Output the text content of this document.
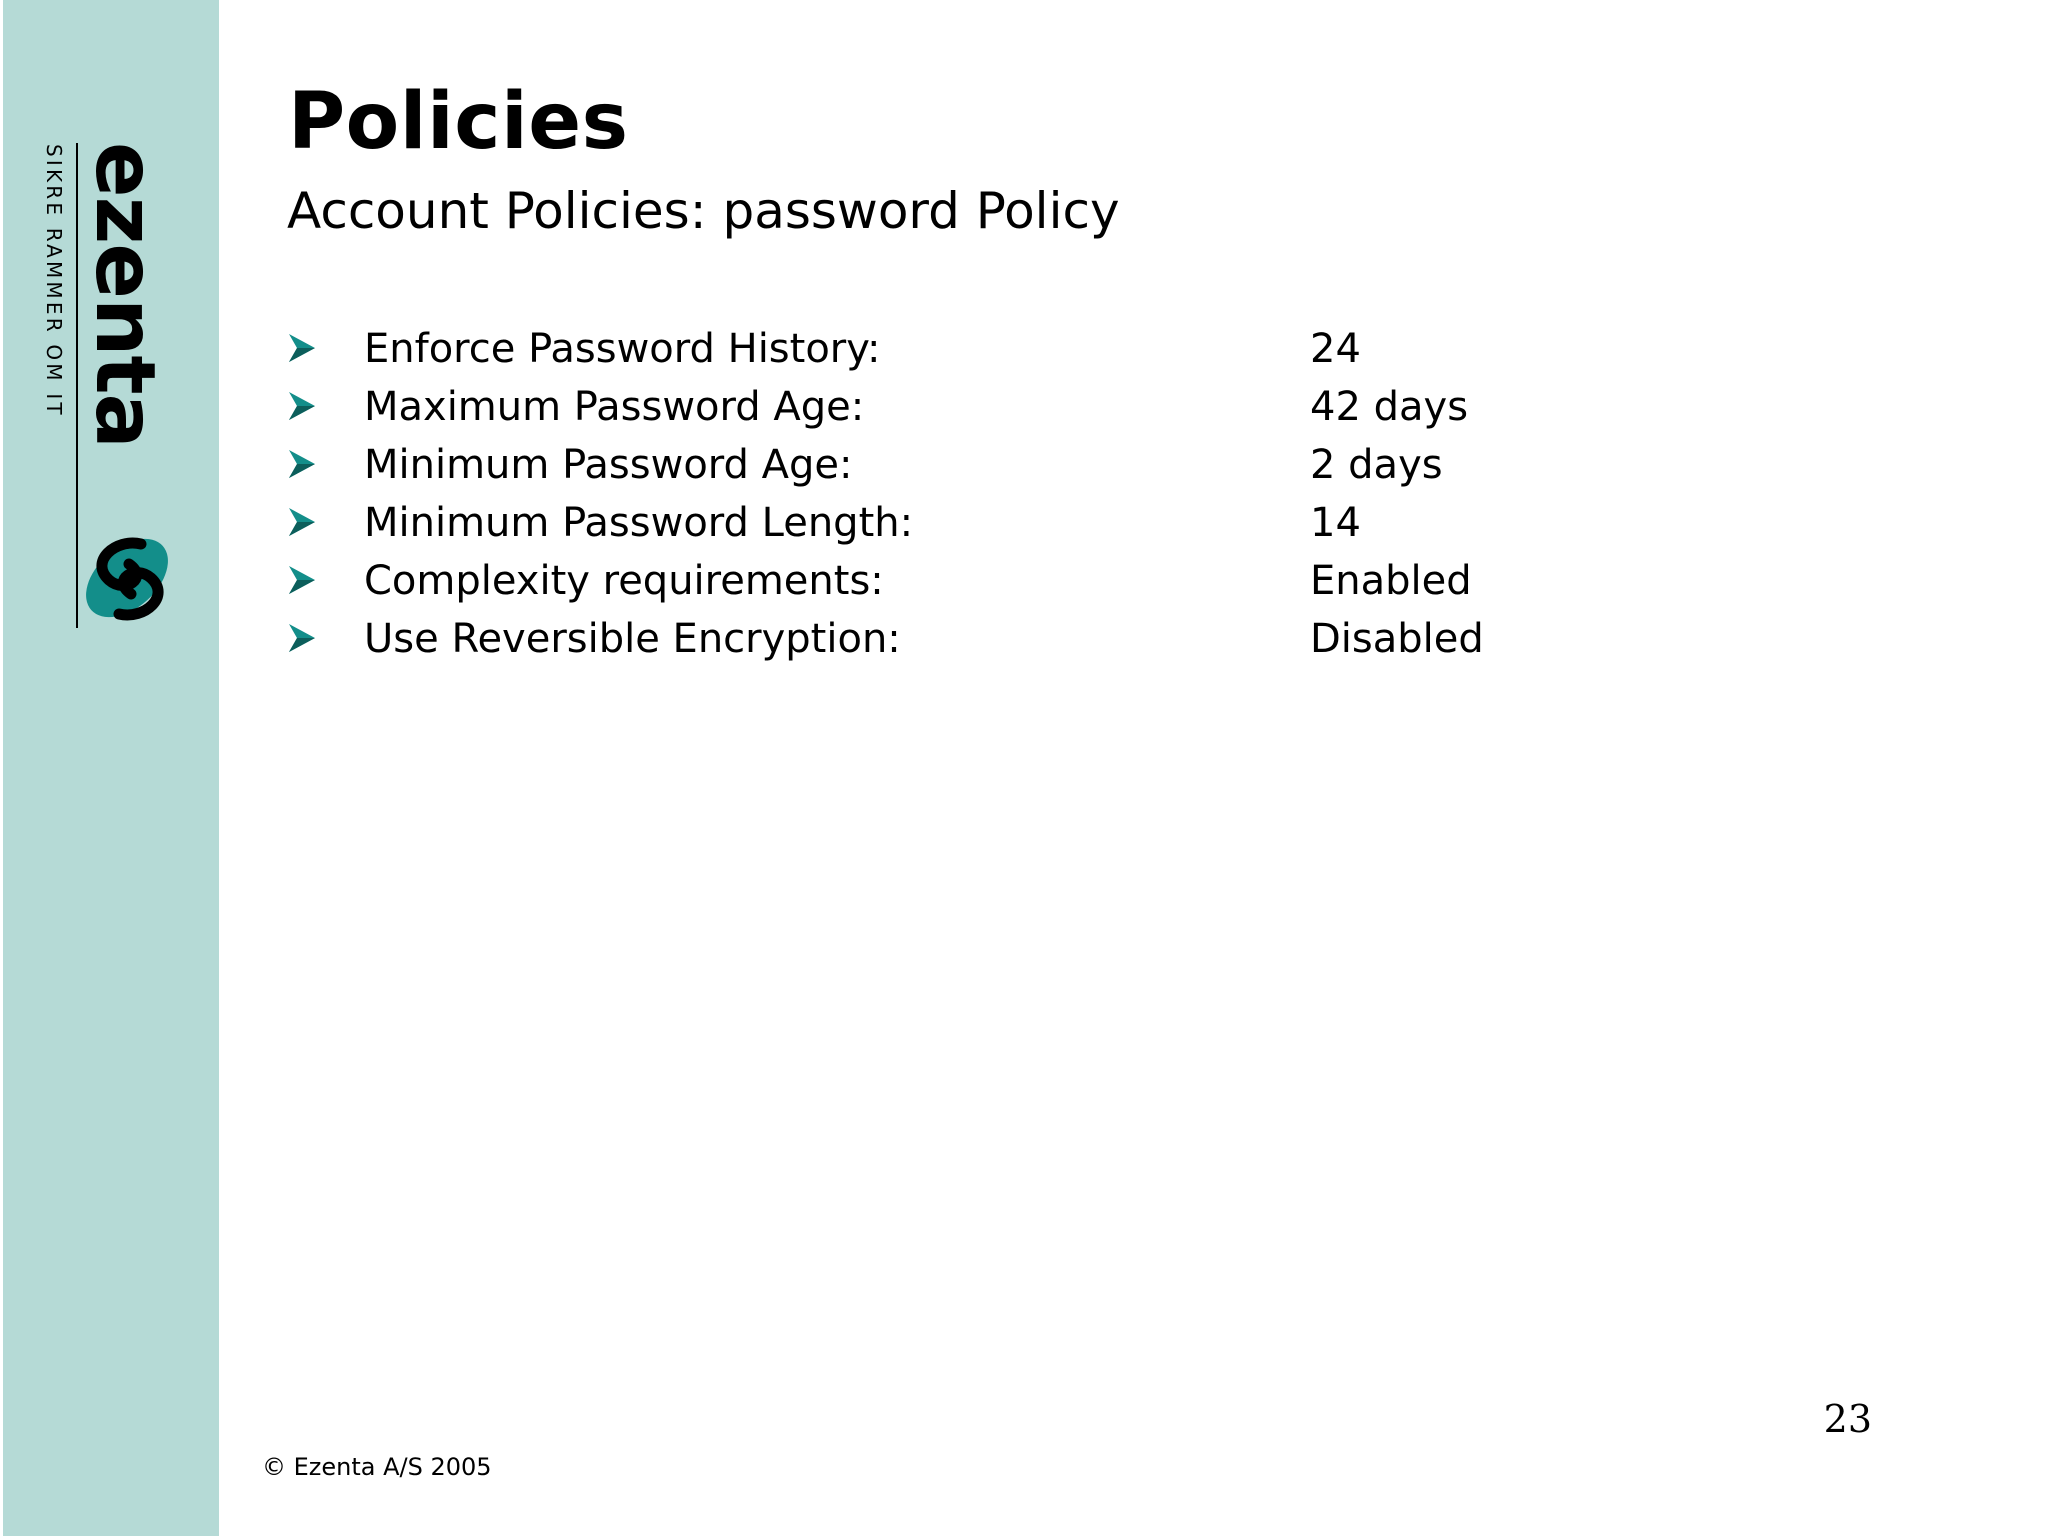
ezenta
SIKRE RAMMER OM IT
Policies
Account Policies: password Policy
Enforce Password History:	24
Maximum Password Age:	42 days
Minimum Password Age:	2 days
Minimum Password Length:	14
Complexity requirements:	Enabled
Use Reversible Encryption:	Disabled
23
© Ezenta A/S 2005
